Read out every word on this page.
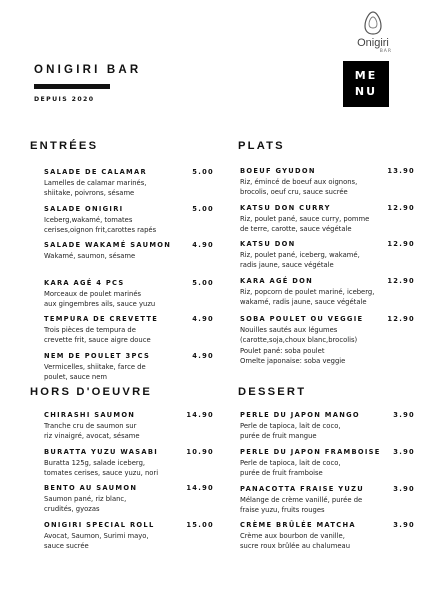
Onigiri
BAR
ONIGIRI BAR
DEPUIS 2020
ME
NU
ENTRÉES
HORS D'OEUVRE
PLATS
DESSERT
SALADE DE CALAMAR	5.00
Lamelles de calamar marinés,
shiitake, poivrons, sésame
SALADE ONIGIRI	5.00
Iceberg,wakamé, tomates
cerises,oignon frit,carottes rapés
SALADE WAKAMÉ SAUMON	4.90
Wakamé, saumon, sésame
KARA AGÉ 4 PCS	5.00
Morceaux de poulet marinés
aux gingembres ails, sauce yuzu
TEMPURA DE CREVETTE	4.90
Trois pièces de tempura de
crevette frit, sauce aigre douce
NEM DE POULET 3PCS	4.90
Vermicelles, shiitake, farce de
poulet, sauce nem
CHIRASHI SAUMON	14.90
Tranche cru de saumon sur
riz vinaigré, avocat, sésame
BURATTA YUZU WASABI	10.90
Buratta 125g, salade iceberg,
tomates cerises, sauce yuzu, nori
BENTO AU SAUMON	14.90
Saumon pané, riz blanc,
crudités, gyozas
ONIGIRI SPECIAL ROLL	15.00
Avocat, Saumon, Surimi mayo,
sauce sucrée
BOEUF GYUDON	13.90
Riz, émincé de boeuf aux oignons,
brocolis, oeuf cru, sauce sucrée
KATSU DON CURRY	12.90
Riz, poulet pané, sauce curry, pomme
de terre, carotte, sauce végétale
KATSU DON	12.90
Riz, poulet pané, iceberg, wakamé,
radis jaune, sauce végétale
KARA AGÉ DON	12.90
Riz, popcorn de poulet mariné, iceberg,
wakamé, radis jaune, sauce végétale
SOBA POULET OU VEGGIE	12.90
Nouilles sautés aux légumes
(carotte,soja,choux blanc,brocolis)
Poulet pané: soba poulet
Omelte japonaise: soba veggie
PERLE DU JAPON MANGO	3.90
Perle de tapioca, lait de coco,
purée de fruit mangue
PERLE DU JAPON FRAMBOISE	3.90
Perle de tapioca, lait de coco,
purée de fruit framboise
PANACOTTA FRAISE YUZU	3.90
Mélange de crème vanillé, purée de
fraise yuzu, fruits rouges
CRÈME BRÛLÉE MATCHA	3.90
Crème aux bourbon de vanille,
sucre roux brûlée au chalumeau
